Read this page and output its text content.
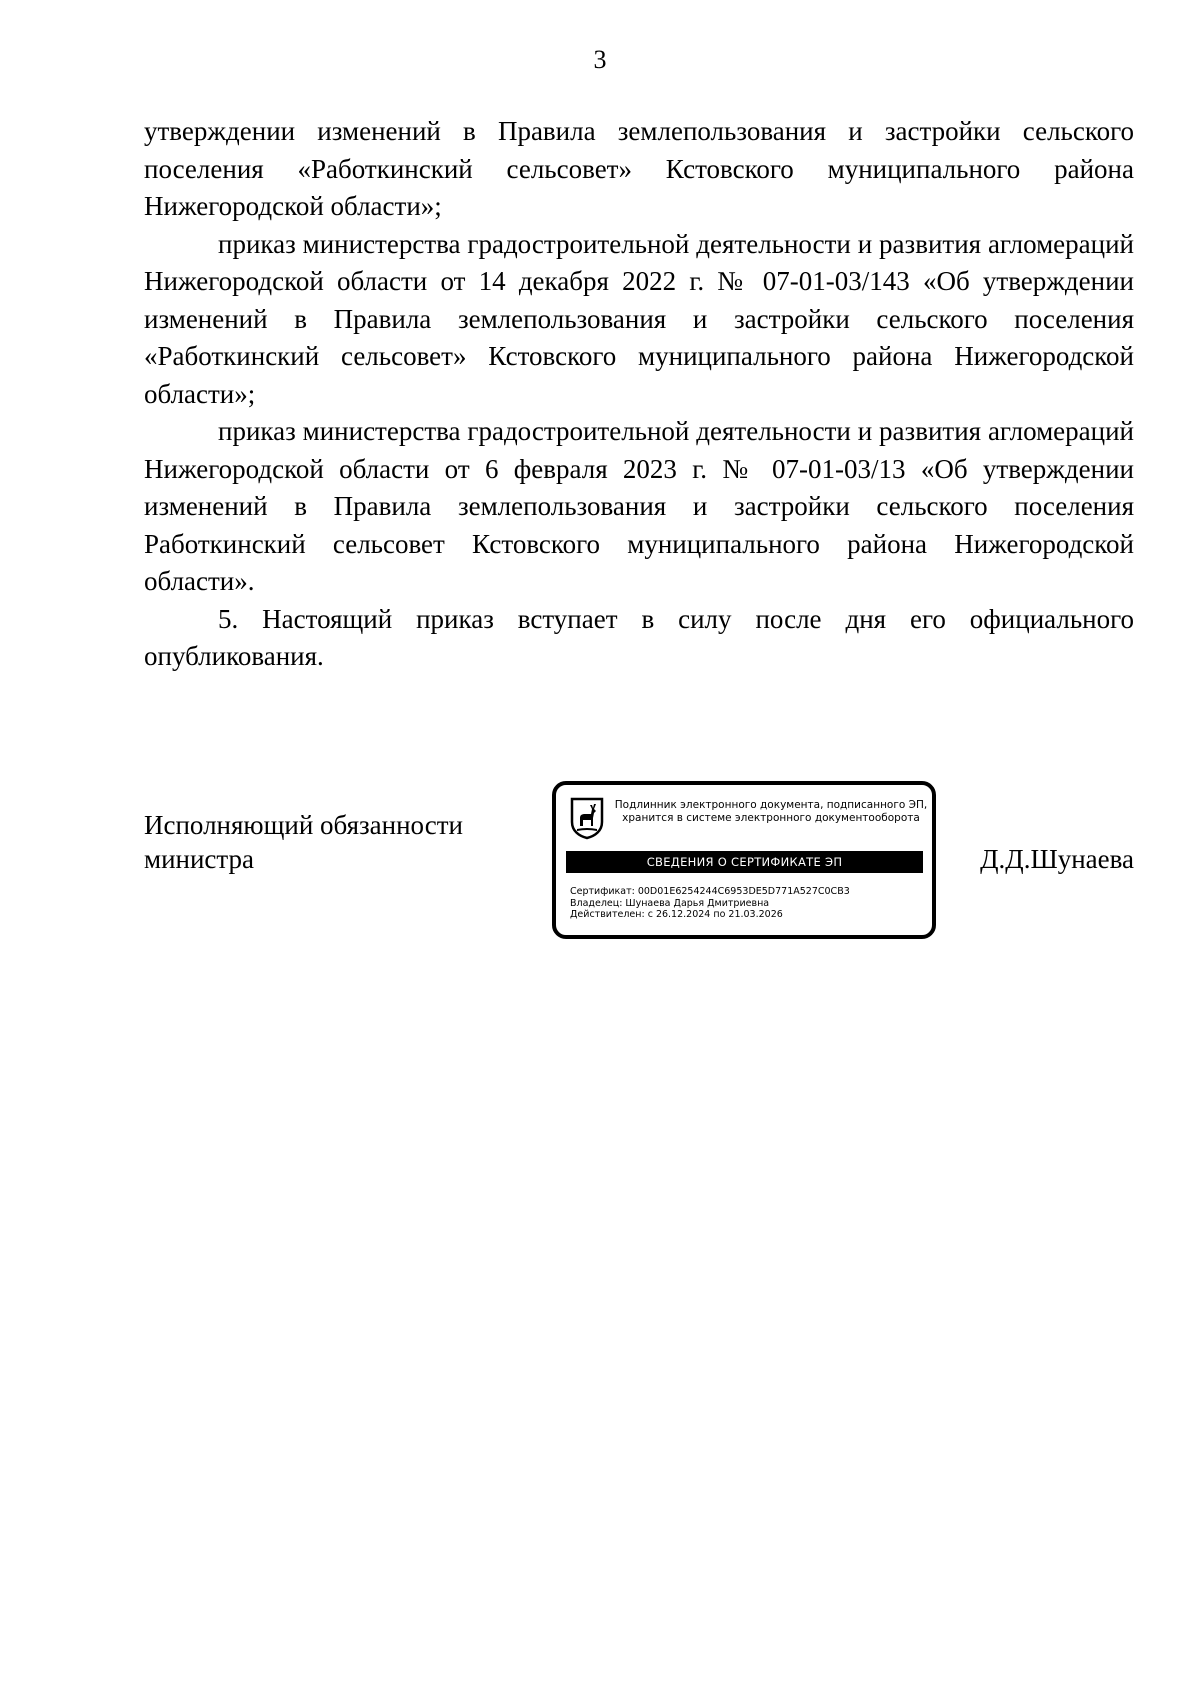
3

утверждении изменений в Правила землепользования и застройки сельского поселения «Работкинский сельсовет» Кстовского муниципального района Нижегородской области»;

приказ министерства градостроительной деятельности и развития агломераций Нижегородской области от 14 декабря 2022 г. № 07-01-03/143 «Об утверждении изменений в Правила землепользования и застройки сельского поселения «Работкинский сельсовет» Кстовского муниципального района Нижегородской области»;

приказ министерства градостроительной деятельности и развития агломераций Нижегородской области от 6 февраля 2023 г. № 07-01-03/13 «Об утверждении изменений в Правила землепользования и застройки сельского поселения Работкинский сельсовет Кстовского муниципального района Нижегородской области».

5. Настоящий приказ вступает в силу после дня его официального опубликования.

Исполняющий обязанности
министра
Подлинник электронного документа, подписанного ЭП,
хранится в системе электронного документооборота
СВЕДЕНИЯ О СЕРТИФИКАТЕ ЭП
Сертификат: 00D01E6254244C6953DE5D771A527C0CB3
Владелец: Шунаева Дарья Дмитриевна
Действителен: с 26.12.2024 по 21.03.2026
Д.Д.Шунаева
